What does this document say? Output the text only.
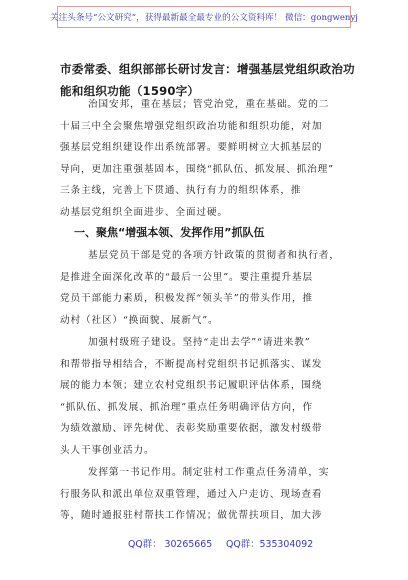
关注头条号“公文研究”，获得最新最全最专业的公文资料库！ 微信：gongwenyj
市委常委、组织部部长研讨发言：增强基层党组织政治功
能和组织功能（1590字）
治国安邦，重在基层；管党治党，重在基础。党的二
十届三中全会聚焦增强党组织政治功能和组织功能，对加
强基层党组织建设作出系统部署。要鲜明树立大抓基层的
导向，更加注重强基固本，围绕“抓队伍、抓发展、抓治理”
三条主线，完善上下贯通、执行有力的组织体系，推
动基层党组织全面进步、全面过硬。
一、聚焦“增强本领、发挥作用”抓队伍
基层党员干部是党的各项方针政策的贯彻者和执行者，
是推进全面深化改革的“最后一公里”。要注重提升基层
党员干部能力素质，积极发挥“领头羊”的带头作用，推
动村（社区）“换面貌、展新气”。
加强村级班子建设。坚持“走出去学”“请进来教”
和帮带指导相结合，不断提高村党组织书记抓落实、谋发
展的能力本领；建立农村党组织书记履职评估体系，围绕
“抓队伍、抓发展、抓治理”重点任务明确评估方向，作
为绩效激励、评先树优、表彰奖励重要依据，激发村级带
头人干事创业活力。
发挥第一书记作用。制定驻村工作重点任务清单，实
行服务队和派出单位双重管理，通过入户走访、现场查看
等，随时通报驻村帮扶工作情况；做优帮扶项目，加大涉
QQ群： 30265665 QQ群：535304092
